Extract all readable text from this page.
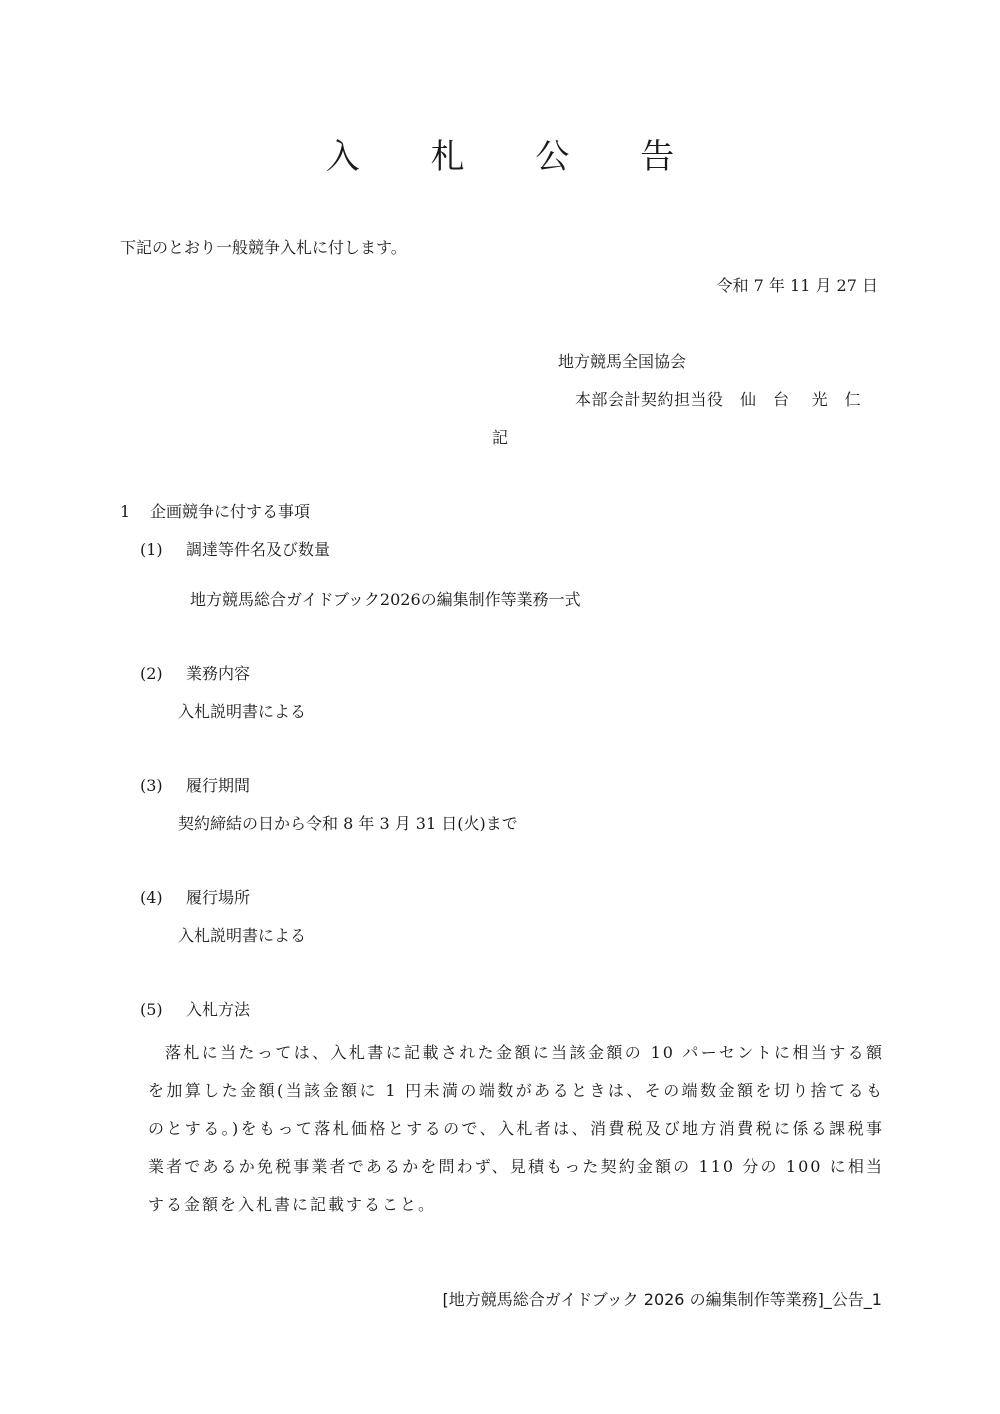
入 札 公 告
下記のとおり一般競争入札に付します。
令和 7 年 11 月 27 日
地方競馬全国協会
本部会計契約担当役　仙　台　 光　仁
記
1 企画競争に付する事項
(1) 調達等件名及び数量
地方競馬総合ガイドブック2026の編集制作等業務一式
(2) 業務内容
入札説明書による
(3) 履行期間
契約締結の日から令和 8 年 3 月 31 日(火)まで
(4) 履行場所
入札説明書による
(5) 入札方法
落札に当たっては、入札書に記載された金額に当該金額の 10 パーセントに相当する額を加算した金額(当該金額に 1 円未満の端数があるときは、その端数金額を切り捨てるものとする。)をもって落札価格とするので、入札者は、消費税及び地方消費税に係る課税事業者であるか免税事業者であるかを問わず、見積もった契約金額の 110 分の 100 に相当する金額を入札書に記載すること。
[地方競馬総合ガイドブック 2026 の編集制作等業務]_公告_1
